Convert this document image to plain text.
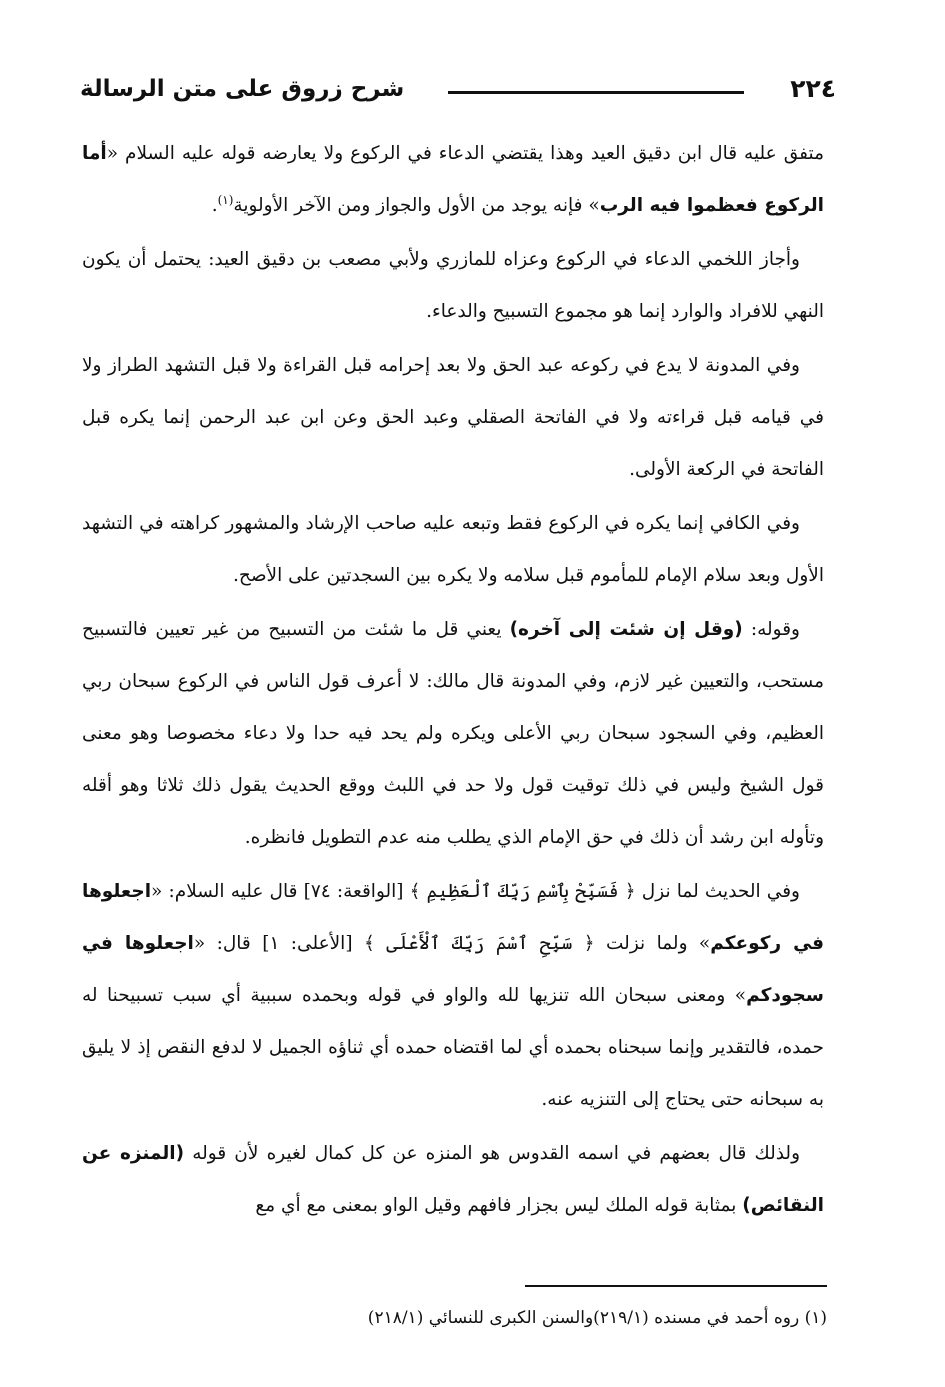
٢٢٤
شرح زروق على متن الرسالة

متفق عليه قال ابن دقيق العيد وهذا يقتضي الدعاء في الركوع ولا يعارضه قوله عليه السلام «أما الركوع فعظموا فيه الرب» فإنه يوجد من الأول والجواز ومن الآخر الأولوية$^{(١)}$.

وأجاز اللخمي الدعاء في الركوع وعزاه للمازري ولأبي مصعب بن دقيق العيد: يحتمل أن يكون النهي للافراد والوارد إنما هو مجموع التسبيح والدعاء.

وفي المدونة لا يدع في ركوعه عبد الحق ولا بعد إحرامه قبل القراءة ولا قبل التشهد الطراز ولا في قيامه قبل قراءته ولا في الفاتحة الصقلي وعبد الحق وعن ابن عبد الرحمن إنما يكره قبل الفاتحة في الركعة الأولى.

وفي الكافي إنما يكره في الركوع فقط وتبعه عليه صاحب الإرشاد والمشهور كراهته في التشهد الأول وبعد سلام الإمام للمأموم قبل سلامه ولا يكره بين السجدتين على الأصح.

وقوله: (وقل إن شئت إلى آخره) يعني قل ما شئت من التسبيح من غير تعيين فالتسبيح مستحب، والتعيين غير لازم، وفي المدونة قال مالك: لا أعرف قول الناس في الركوع سبحان ربي العظيم، وفي السجود سبحان ربي الأعلى ويكره ولم يحد فيه حدا ولا دعاء مخصوصا وهو معنى قول الشيخ وليس في ذلك توقيت قول ولا حد في اللبث ووقع الحديث يقول ذلك ثلاثا وهو أقله وتأوله ابن رشد أن ذلك في حق الإمام الذي يطلب منه عدم التطويل فانظره.

وفي الحديث لما نزل ﴿ فَسَبِّحْ بِٱسْمِ رَبِّكَ ٱلْعَظِيمِ ﴾ [الواقعة: ٧٤] قال عليه السلام: «اجعلوها في ركوعكم» ولما نزلت ﴿ سَبِّحِ ٱسْمَ رَبِّكَ ٱلْأَعْلَى ﴾ [الأعلى: ١] قال: «اجعلوها في سجودكم» ومعنى سبحان الله تنزيها لله والواو في قوله وبحمده سببية أي سبب تسبيحنا له حمده، فالتقدير وإنما سبحناه بحمده أي لما اقتضاه حمده أي ثناؤه الجميل لا لدفع النقص إذ لا يليق به سبحانه حتى يحتاج إلى التنزيه عنه.

ولذلك قال بعضهم في اسمه القدوس هو المنزه عن كل كمال لغيره لأن قوله (المنزه عن النقائص) بمثابة قوله الملك ليس بجزار فافهم وقيل الواو بمعنى مع أي مع

(١) روه أحمد في مسنده (٢١٩/١)والسنن الكبرى للنسائي (٢١٨/١)
